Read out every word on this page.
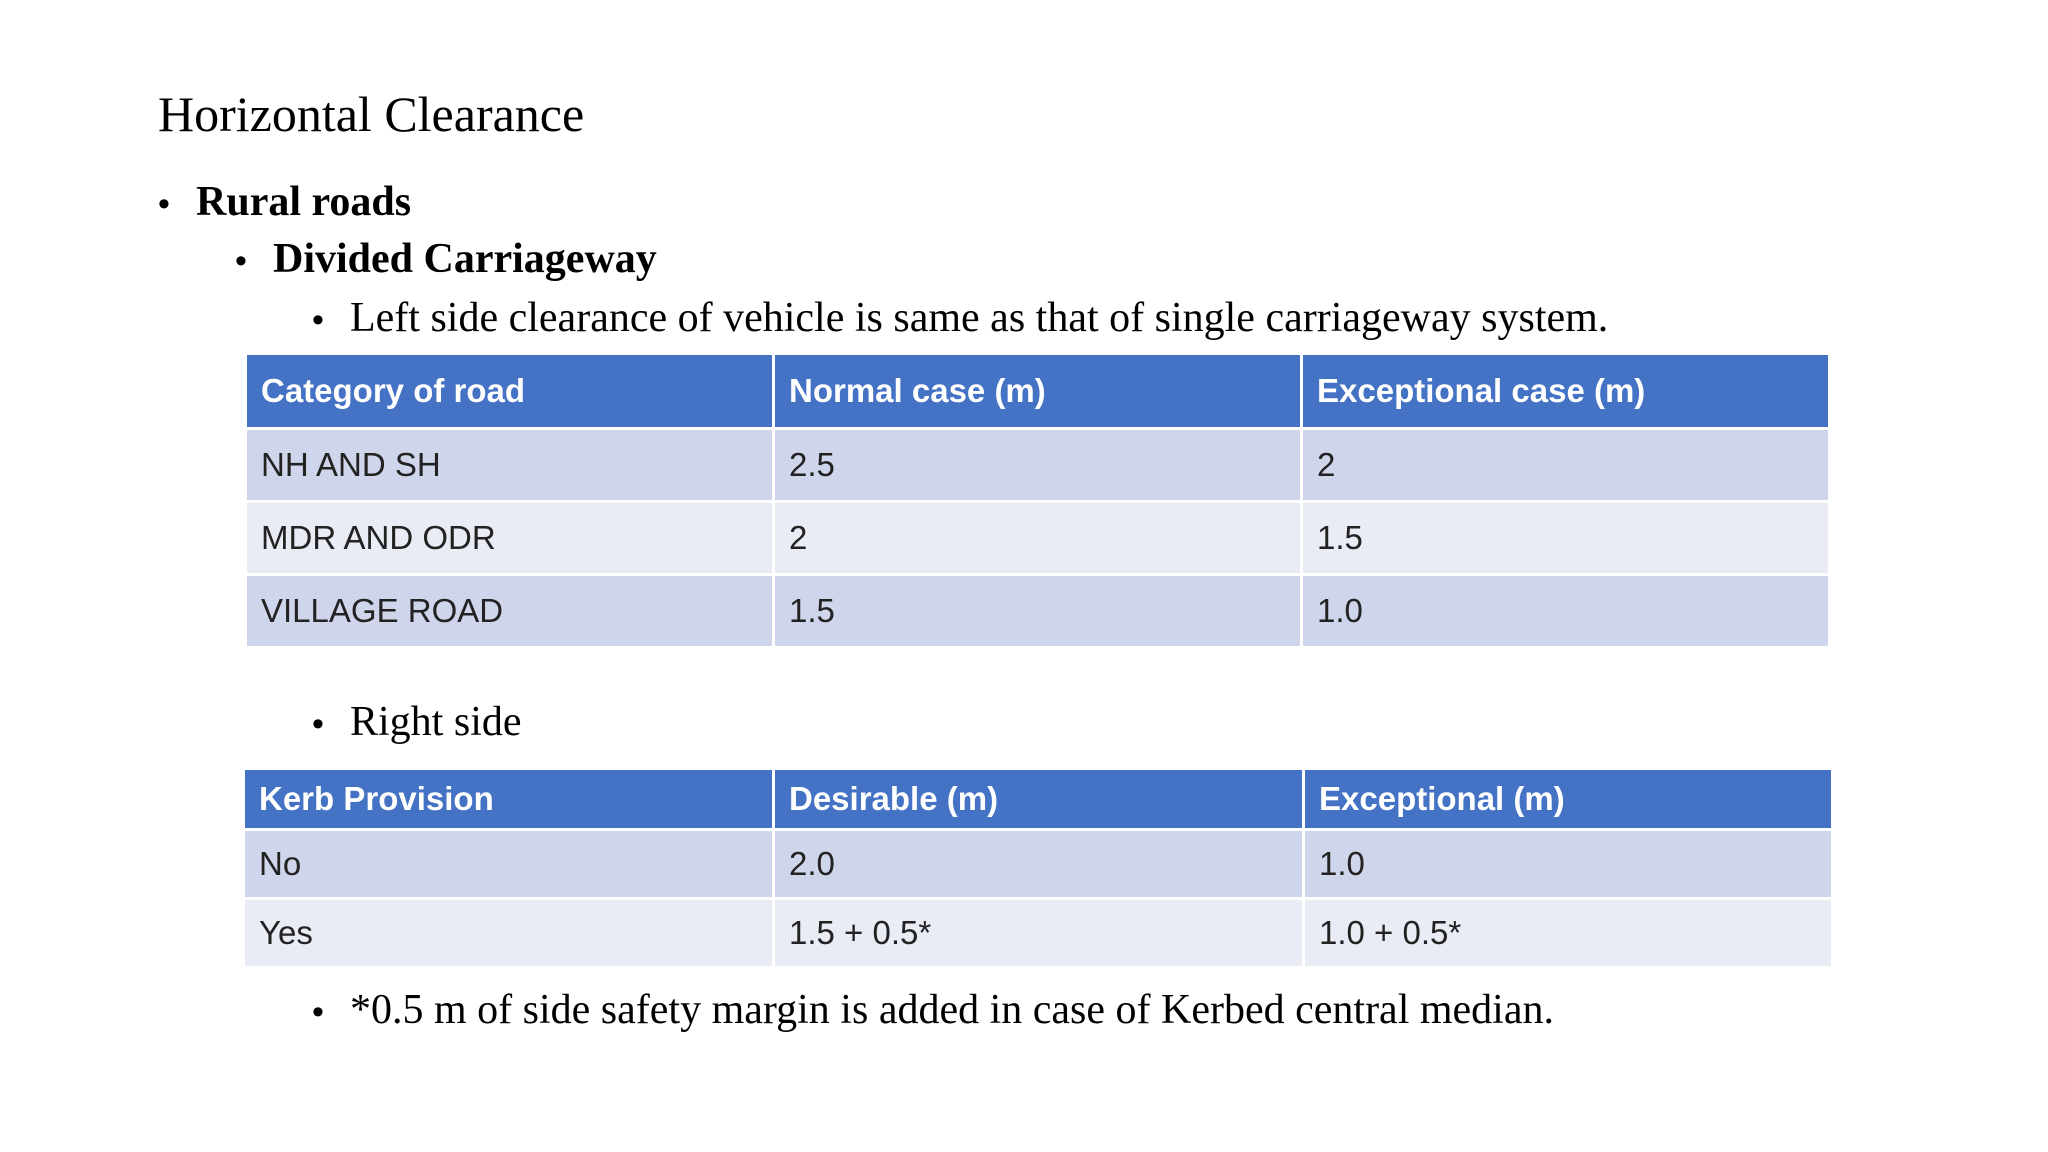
Horizontal Clearance
• Rural roads
• Divided Carriageway
• Left side clearance of vehicle is same as that of single carriageway system.
Category of road	Normal case (m)	Exceptional case (m)
NH AND SH	2.5	2
MDR AND ODR	2	1.5
VILLAGE ROAD	1.5	1.0
• Right side
Kerb Provision	Desirable (m)	Exceptional (m)
No	2.0	1.0
Yes	1.5 + 0.5*	1.0 + 0.5*
• *0.5 m of side safety margin is added in case of Kerbed central median.
